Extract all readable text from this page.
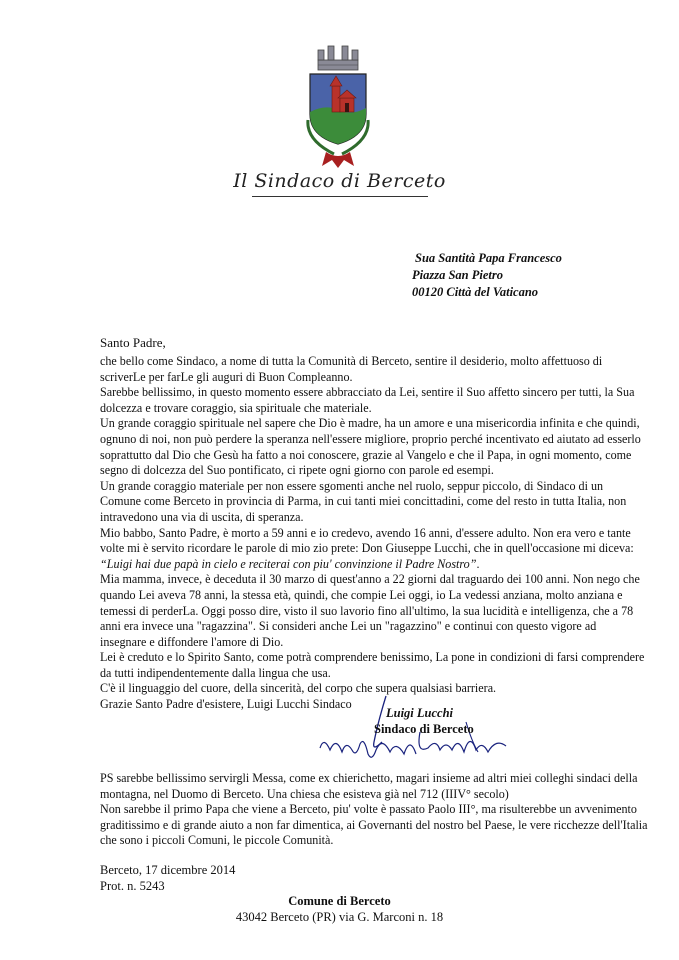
Il Sindaco di Berceto
Sua Santità Papa Francesco
Piazza San Pietro
00120 Città del Vaticano
Santo Padre,

che bello come Sindaco, a nome di tutta la Comunità di Berceto, sentire il desiderio, molto affettuoso di scriverLe per farLe gli auguri di Buon Compleanno.

Sarebbe bellissimo, in questo momento essere abbracciato da Lei, sentire il Suo affetto sincero per tutti, la Sua dolcezza e trovare coraggio, sia spirituale che materiale.

Un grande coraggio spirituale nel sapere che Dio è madre, ha un amore e una misericordia infinita e che quindi, ognuno di noi, non può perdere la speranza nell'essere migliore, proprio perché incentivato ed aiutato ad esserlo soprattutto dal Dio che Gesù ha fatto a noi conoscere, grazie al Vangelo e che il Papa, in ogni momento, come segno di dolcezza del Suo pontificato, ci ripete ogni giorno con parole ed esempi.

Un grande coraggio materiale per non essere sgomenti anche nel ruolo, seppur piccolo, di Sindaco di un Comune come Berceto in provincia di Parma, in cui tanti miei concittadini, come del resto in tutta Italia, non intravedono una via di uscita, di speranza.

Mio babbo, Santo Padre, è morto a 59 anni e io credevo, avendo 16 anni, d'essere adulto. Non era vero e tante volte mi è servito ricordare le parole di mio zio prete: Don Giuseppe Lucchi, che in quell'occasione mi diceva: “Luigi hai due papà in cielo e reciterai con piu' convinzione il Padre Nostro”.

Mia mamma, invece, è deceduta il 30 marzo di quest'anno a 22 giorni dal traguardo dei 100 anni. Non nego che quando Lei aveva 78 anni, la stessa età, quindi, che compie Lei oggi, io La vedessi anziana, molto anziana e temessi di perderLa. Oggi posso dire, visto il suo lavorio fino all'ultimo, la sua lucidità e intelligenza, che a 78 anni era invece una "ragazzina". Si consideri anche Lei un "ragazzino" e continui con questo vigore ad insegnare e diffondere l'amore di Dio.

Lei è creduto e lo Spirito Santo, come potrà comprendere benissimo, La pone in condizioni di farsi comprendere da tutti indipendentemente dalla lingua che usa.

C'è il linguaggio del cuore, della sincerità, del corpo che supera qualsiasi barriera.

Grazie Santo Padre d'esistere, Luigi Lucchi Sindaco

Luigi Lucchi
Sindaco di Berceto

PS sarebbe bellissimo servirgli Messa, come ex chierichetto, magari insieme ad altri miei colleghi sindaci della montagna, nel Duomo di Berceto. Una chiesa che esisteva già nel 712 (IIIV° secolo)

Non sarebbe il primo Papa che viene a Berceto, piu' volte è passato Paolo III°, ma risulterebbe un avvenimento graditissimo e di grande aiuto a non far dimentica, ai Governanti del nostro bel Paese, le vere ricchezze dell'Italia che sono i piccoli Comuni, le piccole Comunità.

Berceto, 17 dicembre 2014
Prot. n. 5243
Comune di Berceto
43042 Berceto (PR) via G. Marconi n. 18
